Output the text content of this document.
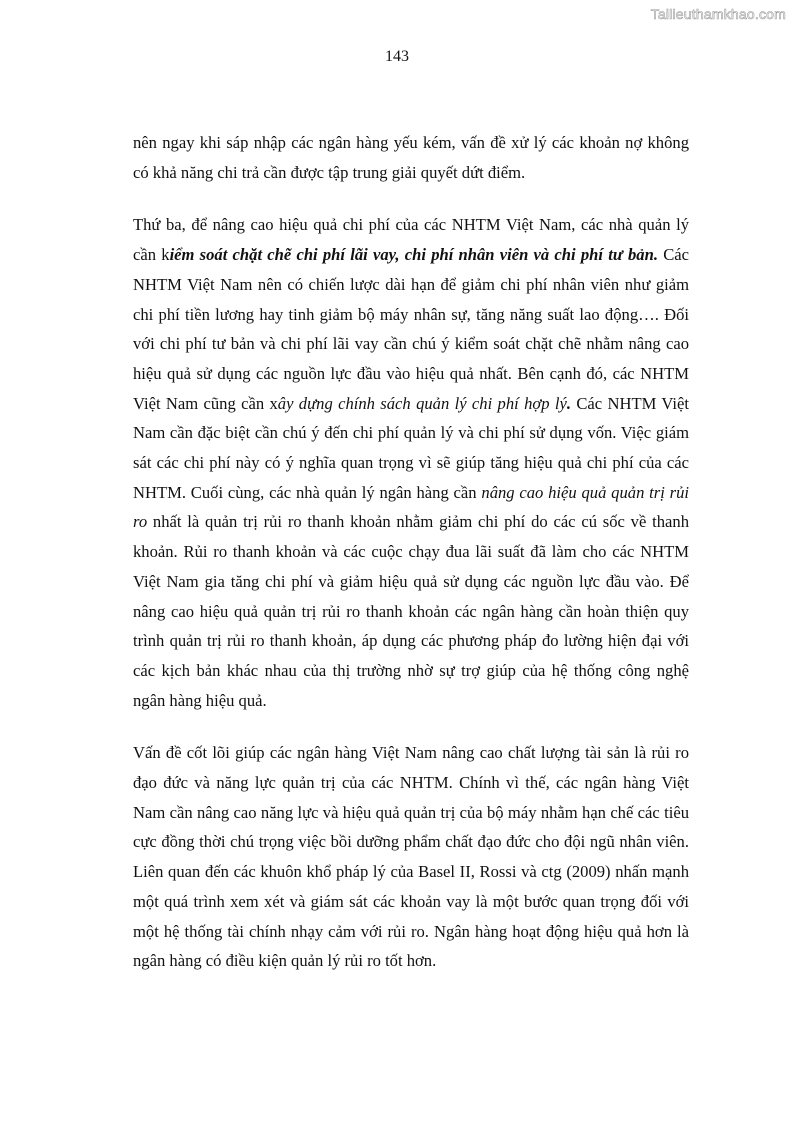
Tailieuthamkhao.com
143

nên ngay khi sáp nhập các ngân hàng yếu kém, vấn đề xử lý các khoản nợ không có khả năng chi trả cần được tập trung giải quyết dứt điểm.

Thứ ba, để nâng cao hiệu quả chi phí của các NHTM Việt Nam, các nhà quản lý cần kiểm soát chặt chẽ chi phí lãi vay, chi phí nhân viên và chi phí tư bản. Các NHTM Việt Nam nên có chiến lược dài hạn để giảm chi phí nhân viên như giảm chi phí tiền lương hay tinh giảm bộ máy nhân sự, tăng năng suất lao động…. Đối với chi phí tư bản và chi phí lãi vay cần chú ý kiểm soát chặt chẽ nhằm nâng cao hiệu quả sử dụng các nguồn lực đầu vào hiệu quả nhất. Bên cạnh đó, các NHTM Việt Nam cũng cần xây dựng chính sách quản lý chi phí hợp lý. Các NHTM Việt Nam cần đặc biệt cần chú ý đến chi phí quản lý và chi phí sử dụng vốn. Việc giám sát các chi phí này có ý nghĩa quan trọng vì sẽ giúp tăng hiệu quả chi phí của các NHTM. Cuối cùng, các nhà quản lý ngân hàng cần nâng cao hiệu quả quản trị rủi ro nhất là quản trị rủi ro thanh khoản nhằm giảm chi phí do các cú sốc về thanh khoản. Rủi ro thanh khoản và các cuộc chạy đua lãi suất đã làm cho các NHTM Việt Nam gia tăng chi phí và giảm hiệu quả sử dụng các nguồn lực đầu vào. Để nâng cao hiệu quả quản trị rủi ro thanh khoản các ngân hàng cần hoàn thiện quy trình quản trị rủi ro thanh khoản, áp dụng các phương pháp đo lường hiện đại với các kịch bản khác nhau của thị trường nhờ sự trợ giúp của hệ thống công nghệ ngân hàng hiệu quả.

Vấn đề cốt lõi giúp các ngân hàng Việt Nam nâng cao chất lượng tài sản là rủi ro đạo đức và năng lực quản trị của các NHTM. Chính vì thế, các ngân hàng Việt Nam cần nâng cao năng lực và hiệu quả quản trị của bộ máy nhằm hạn chế các tiêu cực đồng thời chú trọng việc bồi dưỡng phẩm chất đạo đức cho đội ngũ nhân viên. Liên quan đến các khuôn khổ pháp lý của Basel II, Rossi và ctg (2009) nhấn mạnh một quá trình xem xét và giám sát các khoản vay là một bước quan trọng đối với một hệ thống tài chính nhạy cảm với rủi ro. Ngân hàng hoạt động hiệu quả hơn là ngân hàng có điều kiện quản lý rủi ro tốt hơn.
